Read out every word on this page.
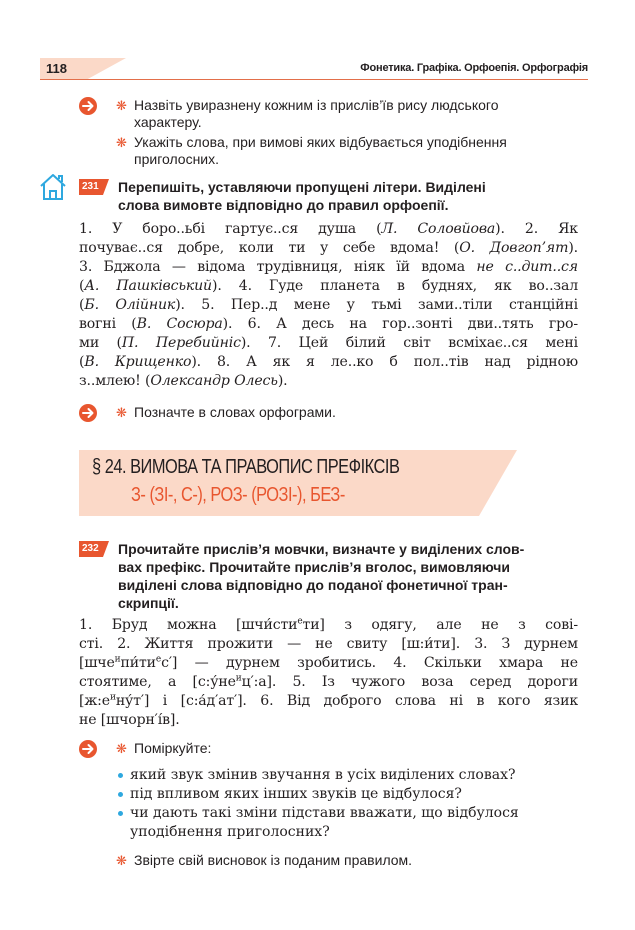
118	Фонетика. Графіка. Орфоепія. Орфографія
❋ Назвіть увиразнену кожним із прислів’їв рису людського
характеру.
❋ Укажіть слова, при вимові яких відбувається уподібнення
приголосних.
231	Перепишіть, уставляючи пропущені літери. Виділені
слова вимовте відповідно до правил орфоепії.
1. У боро..ьбі гартує..ся душа (Л. Соловйова). 2. Як
почуває..ся добре, коли ти у себе вдома! (О. Довгоп’ят).
3. Бджола — відома трудівниця, ніяк їй вдома не с..дит..ся
(А. Пашківський). 4. Гуде планета в буднях, як во..зал
(Б. Олійник). 5. Пер..д мене у тьмі зами..тіли станційні
вогні (В. Сосюра). 6. А десь на гор..зонті дви..тять гро-
ми (П. Перебийніс). 7. Цей білий світ всміхає..ся мені
(В. Крищенко). 8. А як я ле..ко б пол..тів над рідною
з..млею! (Олександр Олесь).
❋ Позначте в словах орфограми.
§ 24. ВИМОВА ТА ПРАВОПИС ПРЕФІКСІВ
З- (ЗІ-, С-), РОЗ- (РОЗІ-), БЕЗ-
232	Прочитайте прислів’я мовчки, визначте у виділених слов-
вах префікс. Прочитайте прислів’я вголос, вимовляючи
виділені слова відповідно до поданої фонетичної тран-
скрипції.
1. Бруд можна [шчи́сти$^е$ти] з одягу, але не з сові-
сті. 2. Життя прожити — не свиту [ш:и́ти]. 3. З дурнем
$[шче^ипи́ти^ес']$ — дурнем зробитись. 4. Скільки хмара не
стоятиме, а $[с:у́не^иц':а]$. 5. Із чужого воза серед дороги
$[ж:е^ину́т']$ і [с:а́д′ат′]. 6. Від доброго слова ні в кого язик
не [шчорн′і́в].
❋ Поміркуйте:
який звук змінив звучання в усіх виділених словах?
під впливом яких інших звуків це відбулося?
чи дають такі зміни підстави вважати, що відбулося
уподібнення приголосних?
❋ Звірте свій висновок із поданим правилом.
